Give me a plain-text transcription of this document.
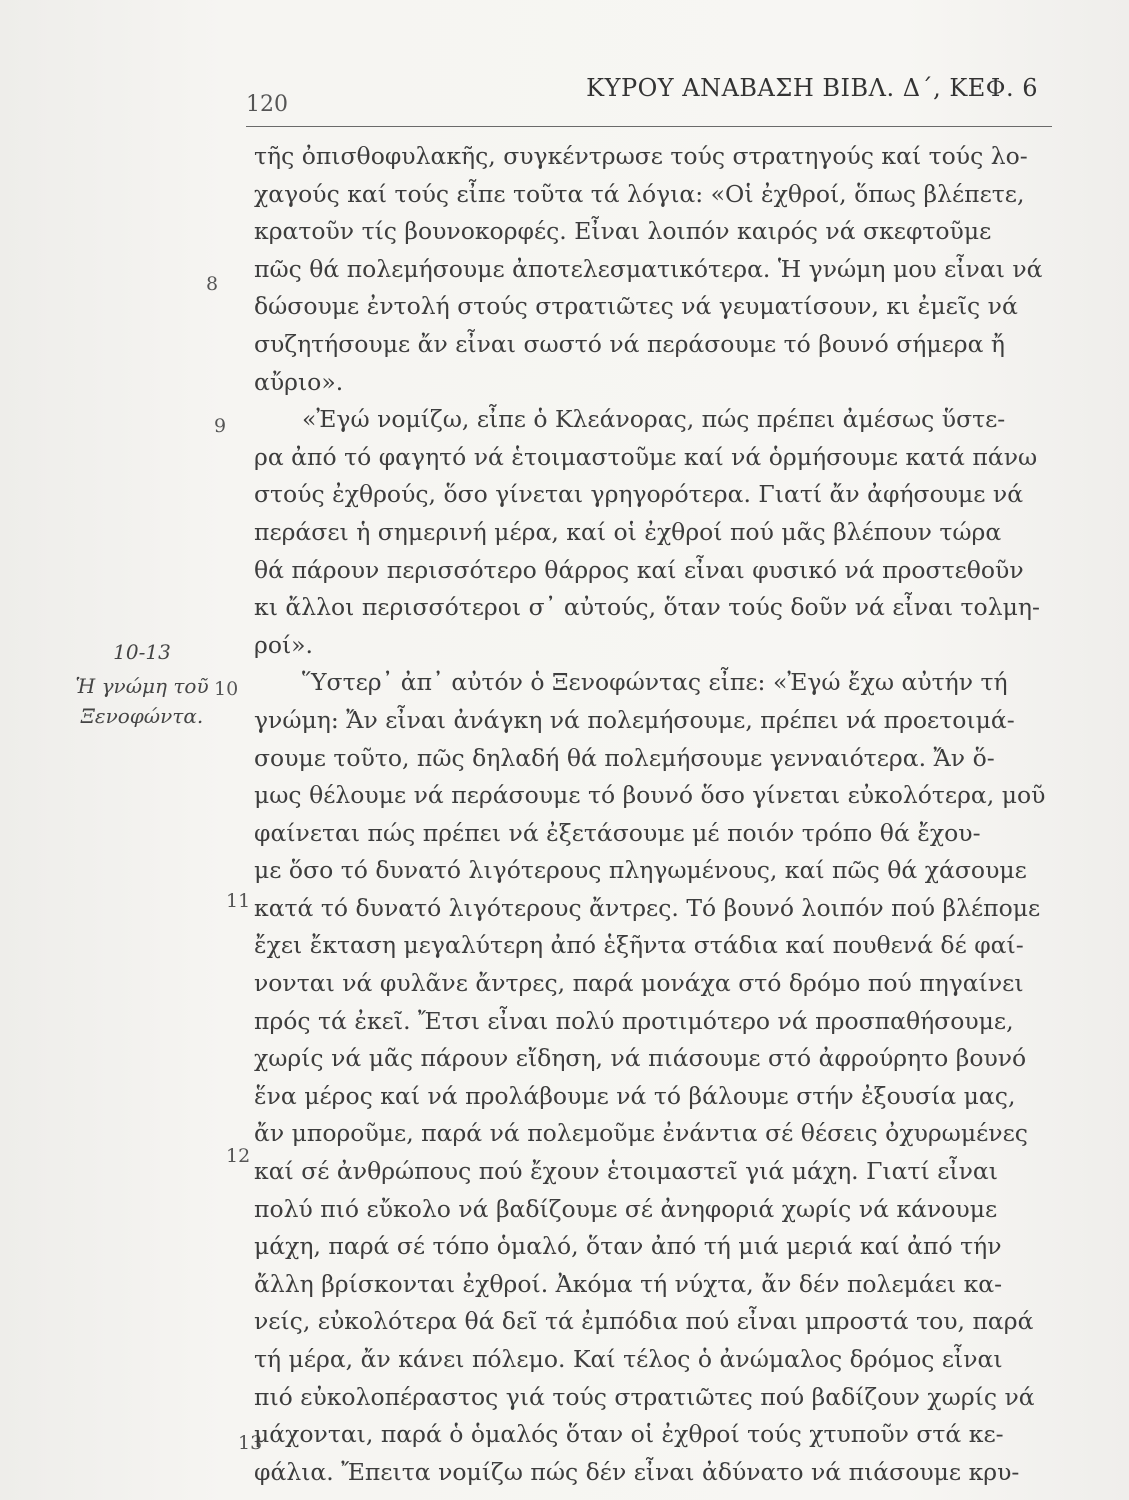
120
ΚΥΡΟΥ ΑΝΑΒΑΣΗ ΒΙΒΛ. Δ΄, ΚΕΦ. 6
10-13
Ἡ γνώμη τοῦ
Ξενοφώντα.
8
9
10
11
12
13
τῆς ὀπισθοφυλακῆς, συγκέντρωσε τούς στρατηγούς καί τούς λο-
χαγούς καί τούς εἶπε τοῦτα τά λόγια: «Οἱ ἐχθροί, ὅπως βλέπετε,
κρατοῦν τίς βουνοκορφές. Εἶναι λοιπόν καιρός νά σκεφτοῦμε
πῶς θά πολεμήσουμε ἀποτελεσματικότερα. Ἡ γνώμη μου εἶναι νά
δώσουμε ἐντολή στούς στρατιῶτες νά γευματίσουν, κι ἐμεῖς νά
συζητήσουμε ἄν εἶναι σωστό νά περάσουμε τό βουνό σήμερα ἤ
αὔριο».
«Ἐγώ νομίζω, εἶπε ὁ Κλεάνορας, πώς πρέπει ἀμέσως ὕστε-
ρα ἀπό τό φαγητό νά ἑτοιμαστοῦμε καί νά ὁρμήσουμε κατά πάνω
στούς ἐχθρούς, ὅσο γίνεται γρηγορότερα. Γιατί ἄν ἀφήσουμε νά
περάσει ἡ σημερινή μέρα, καί οἱ ἐχθροί πού μᾶς βλέπουν τώρα
θά πάρουν περισσότερο θάρρος καί εἶναι φυσικό νά προστεθοῦν
κι ἄλλοι περισσότεροι σ᾽ αὐτούς, ὅταν τούς δοῦν νά εἶναι τολμη-
ροί».
Ὕστερ᾽ ἀπ᾽ αὐτόν ὁ Ξενοφώντας εἶπε: «Ἐγώ ἔχω αὐτήν τή
γνώμη: Ἄν εἶναι ἀνάγκη νά πολεμήσουμε, πρέπει νά προετοιμά-
σουμε τοῦτο, πῶς δηλαδή θά πολεμήσουμε γενναιότερα. Ἄν ὅ-
μως θέλουμε νά περάσουμε τό βουνό ὅσο γίνεται εὐκολότερα, μοῦ
φαίνεται πώς πρέπει νά ἐξετάσουμε μέ ποιόν τρόπο θά ἔχου-
με ὅσο τό δυνατό λιγότερους πληγωμένους, καί πῶς θά χάσουμε
κατά τό δυνατό λιγότερους ἄντρες. Τό βουνό λοιπόν πού βλέπομε
ἔχει ἔκταση μεγαλύτερη ἀπό ἑξῆντα στάδια καί πουθενά δέ φαί-
νονται νά φυλᾶνε ἄντρες, παρά μονάχα στό δρόμο πού πηγαίνει
πρός τά ἐκεῖ. Ἔτσι εἶναι πολύ προτιμότερο νά προσπαθήσουμε,
χωρίς νά μᾶς πάρουν εἴδηση, νά πιάσουμε στό ἀφρούρητο βουνό
ἕνα μέρος καί νά προλάβουμε νά τό βάλουμε στήν ἐξουσία μας,
ἄν μποροῦμε, παρά νά πολεμοῦμε ἐνάντια σέ θέσεις ὀχυρωμένες
καί σέ ἀνθρώπους πού ἔχουν ἑτοιμαστεῖ γιά μάχη. Γιατί εἶναι
πολύ πιό εὔκολο νά βαδίζουμε σέ ἀνηφοριά χωρίς νά κάνουμε
μάχη, παρά σέ τόπο ὁμαλό, ὅταν ἀπό τή μιά μεριά καί ἀπό τήν
ἄλλη βρίσκονται ἐχθροί. Ἀκόμα τή νύχτα, ἄν δέν πολεμάει κα-
νείς, εὐκολότερα θά δεῖ τά ἐμπόδια πού εἶναι μπροστά του, παρά
τή μέρα, ἄν κάνει πόλεμο. Καί τέλος ὁ ἀνώμαλος δρόμος εἶναι
πιό εὐκολοπέραστος γιά τούς στρατιῶτες πού βαδίζουν χωρίς νά
μάχονται, παρά ὁ ὁμαλός ὅταν οἱ ἐχθροί τούς χτυποῦν στά κε-
φάλια. Ἔπειτα νομίζω πώς δέν εἶναι ἀδύνατο νά πιάσουμε κρυ-
